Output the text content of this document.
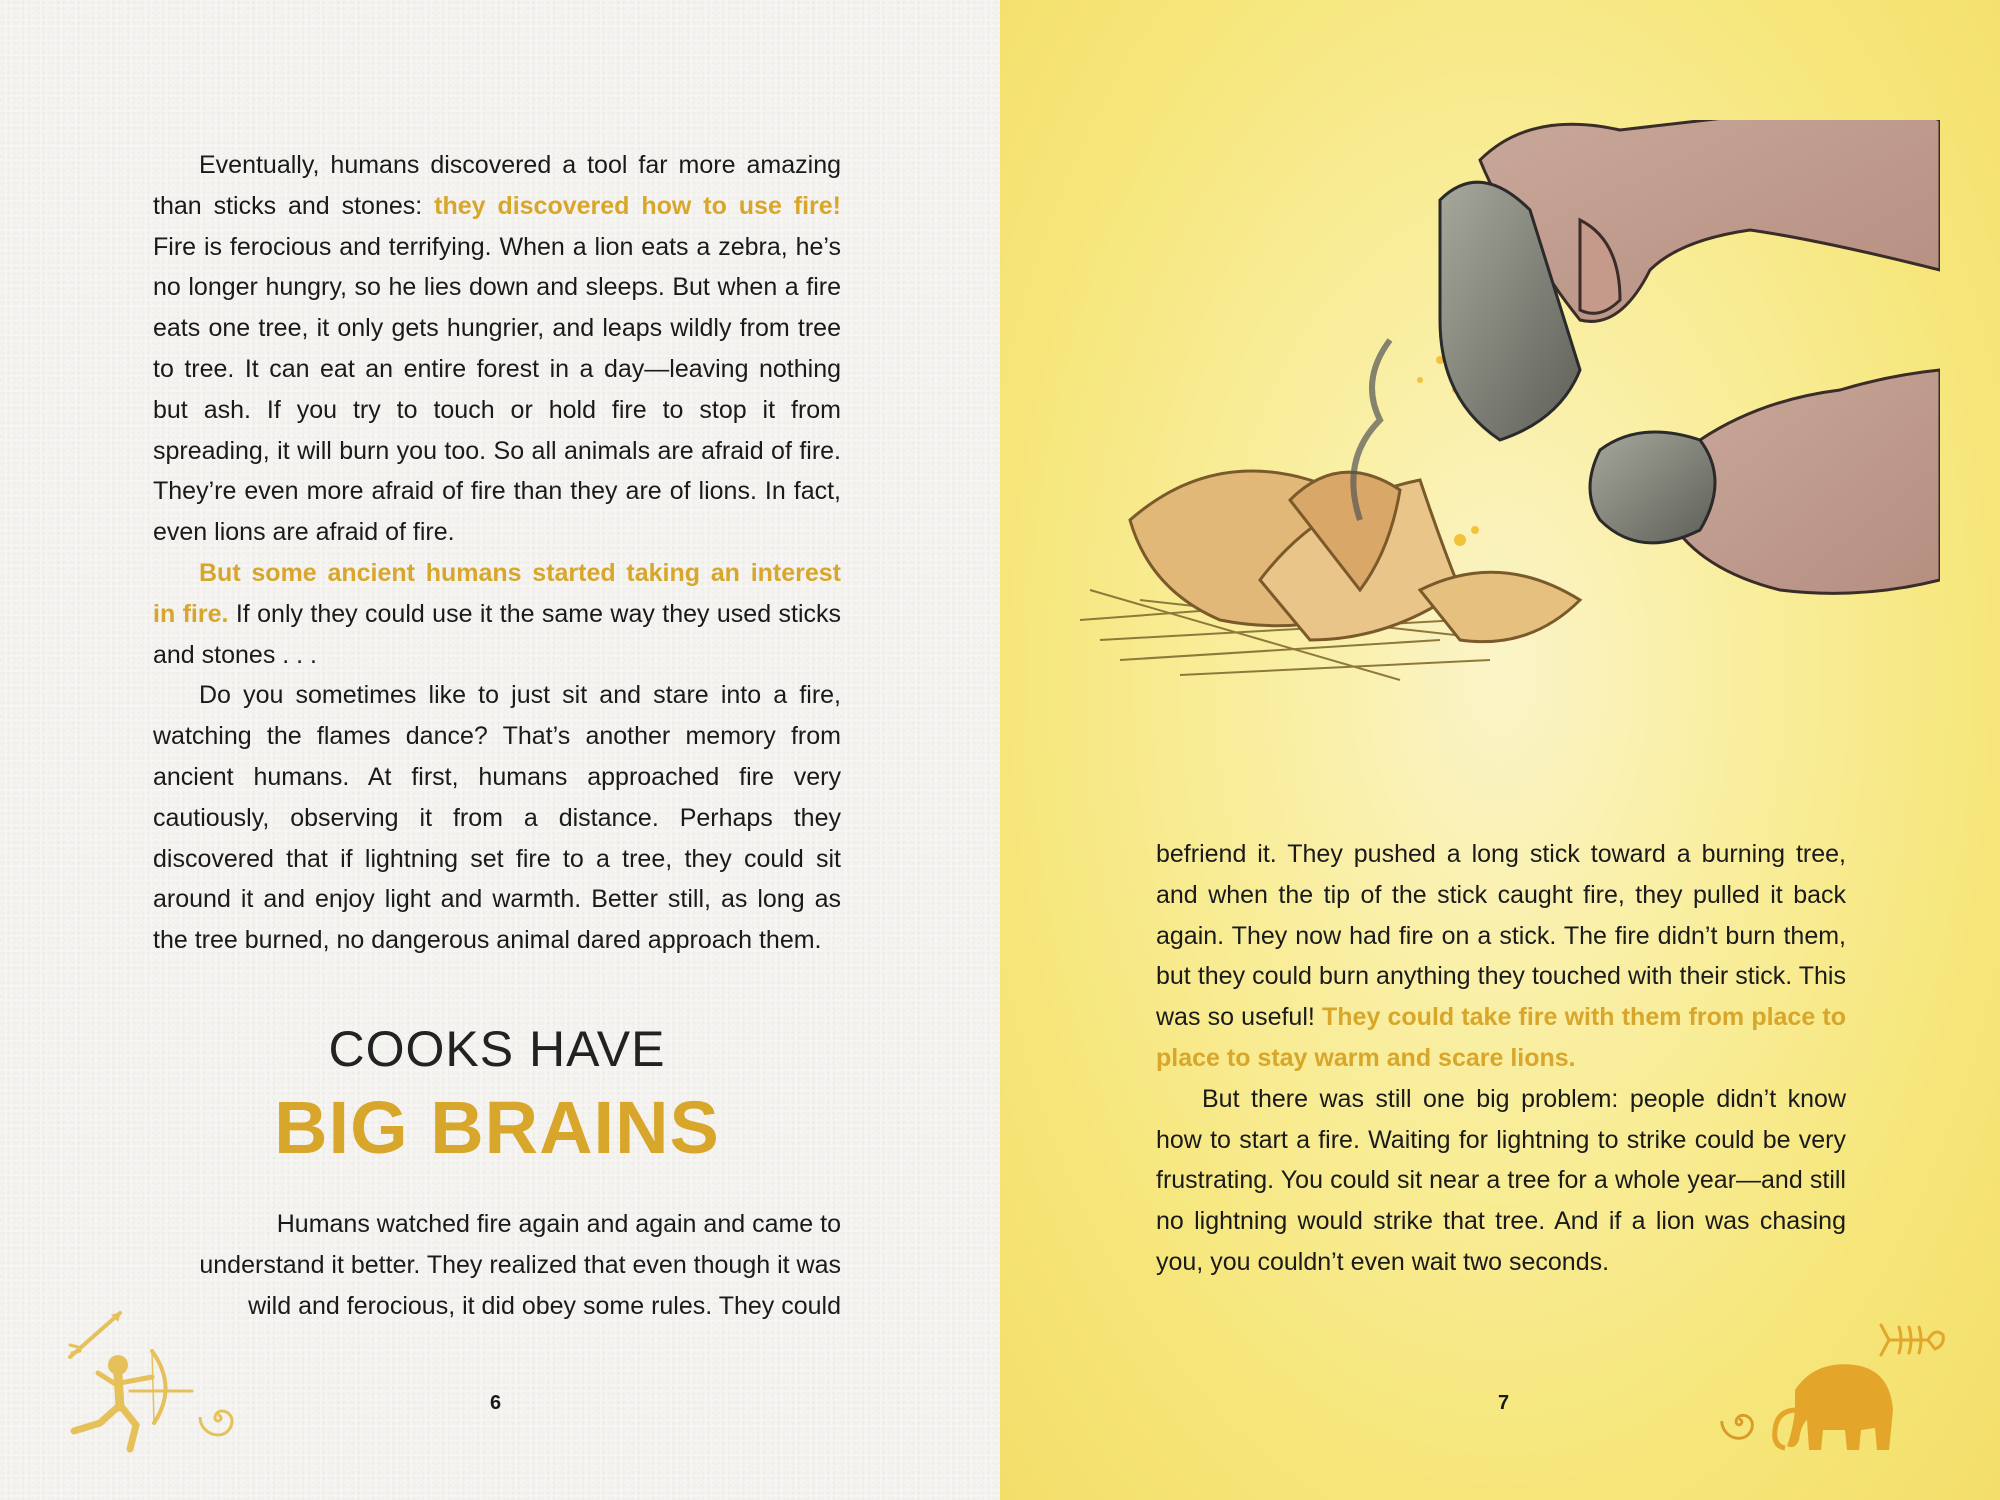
Eventually, humans discovered a tool far more amazing than sticks and stones: they discovered how to use fire! Fire is ferocious and terrifying. When a lion eats a zebra, he’s no longer hungry, so he lies down and sleeps. But when a fire eats one tree, it only gets hungrier, and leaps wildly from tree to tree. It can eat an entire forest in a day—leaving nothing but ash. If you try to touch or hold fire to stop it from spreading, it will burn you too. So all animals are afraid of fire. They’re even more afraid of fire than they are of lions. In fact, even lions are afraid of fire.

But some ancient humans started taking an interest in fire. If only they could use it the same way they used sticks and stones . . .

Do you sometimes like to just sit and stare into a fire, watching the flames dance? That’s another memory from ancient humans. At first, humans approached fire very cautiously, observing it from a distance. Perhaps they discovered that if lightning set fire to a tree, they could sit around it and enjoy light and warmth. Better still, as long as the tree burned, no dangerous animal dared approach them.

COOKS HAVE
BIG BRAINS

Humans watched fire again and again and came to understand it better. They realized that even though it was wild and ferocious, it did obey some rules. They could

6

befriend it. They pushed a long stick toward a burning tree, and when the tip of the stick caught fire, they pulled it back again. They now had fire on a stick. The fire didn’t burn them, but they could burn anything they touched with their stick. This was so useful! They could take fire with them from place to place to stay warm and scare lions.

But there was still one big problem: people didn’t know how to start a fire. Waiting for lightning to strike could be very frustrating. You could sit near a tree for a whole year—and still no lightning would strike that tree. And if a lion was chasing you, you couldn’t even wait two seconds.

7
